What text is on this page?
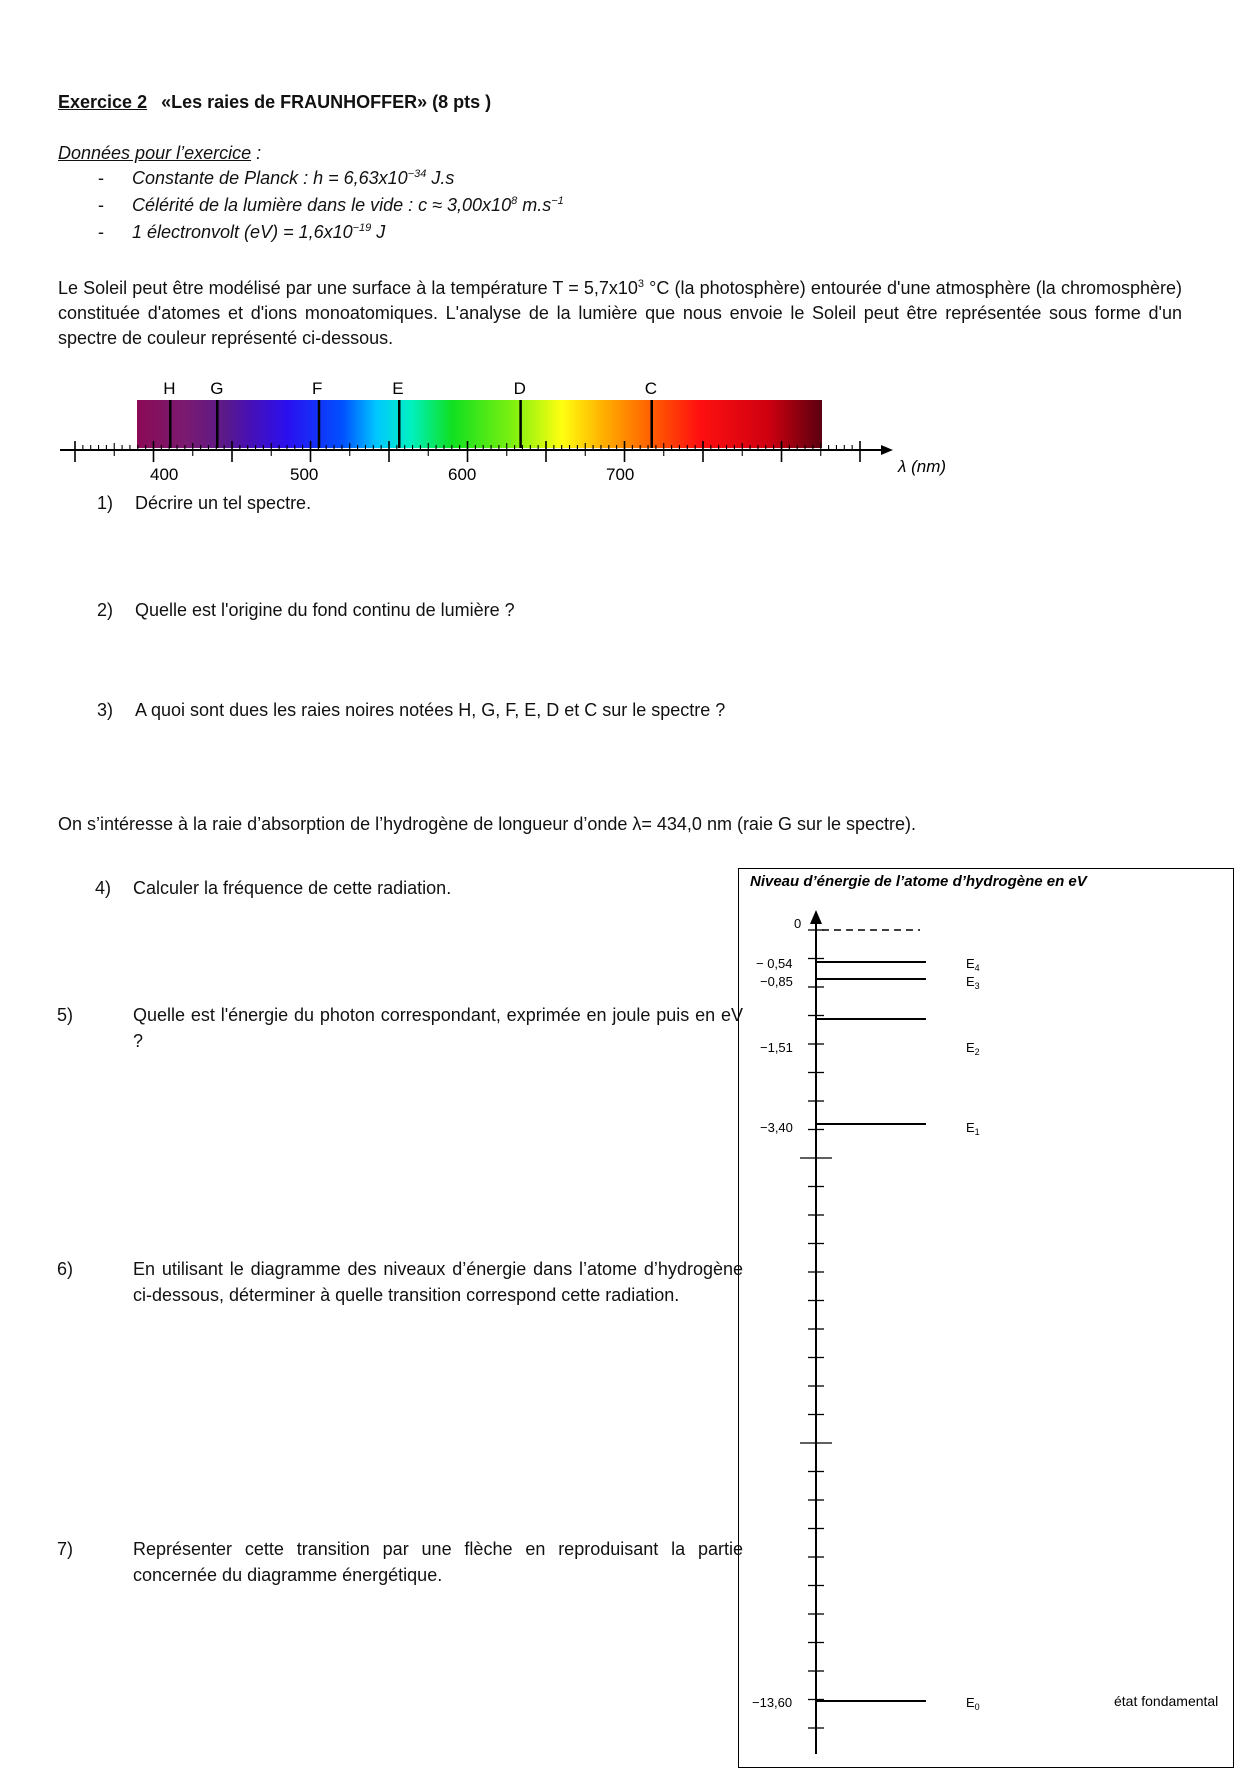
Exercice 2 «Les raies de FRAUNHOFFER» (8 pts )
Données pour l’exercice :
- Constante de Planck : $h = 6,63x10^{-34}$ J.s
- Célérité de la lumière dans le vide : $c \approx 3,00x10^8$ $m.s^{-1}$
- 1 électronvolt $(eV) = 1,6x10^{-19}$ J
Le Soleil peut être modélisé par une surface à la température $T = 5,7x10^3$ °C (la photosphère) entourée d'une atmosphère (la chromosphère) constituée d'atomes et d'ions monoatomiques. L'analyse de la lumière que nous envoie le Soleil peut être représentée sous forme d'un spectre de couleur représenté ci-dessous.
H G	F	E	D	C
400	500	600	700	λ (nm)
1) Décrire un tel spectre.
2) Quelle est l'origine du fond continu de lumière ?
3) A quoi sont dues les raies noires notées H, G, F, E, D et C sur le spectre ?
On s’intéresse à la raie d’absorption de l’hydrogène de longueur d’onde λ= 434,0 nm (raie G sur le spectre).
4) Calculer la fréquence de cette radiation.
5)	Quelle est l'énergie du photon correspondant, exprimée en joule puis en eV ?
6)	En utilisant le diagramme des niveaux d’énergie dans l’atome d’hydrogène ci-dessous, déterminer à quelle transition correspond cette radiation.
7)	Représenter cette transition par une flèche en reproduisant la partie concernée du diagramme énergétique.
Niveau d’énergie de l’atome d’hydrogène en eV
0
− 0,54
−0,85
−1,51
−3,40
−13,60
$E_4$
$E_3$
$E_2$
$E_1$
$E_0$	état fondamental
